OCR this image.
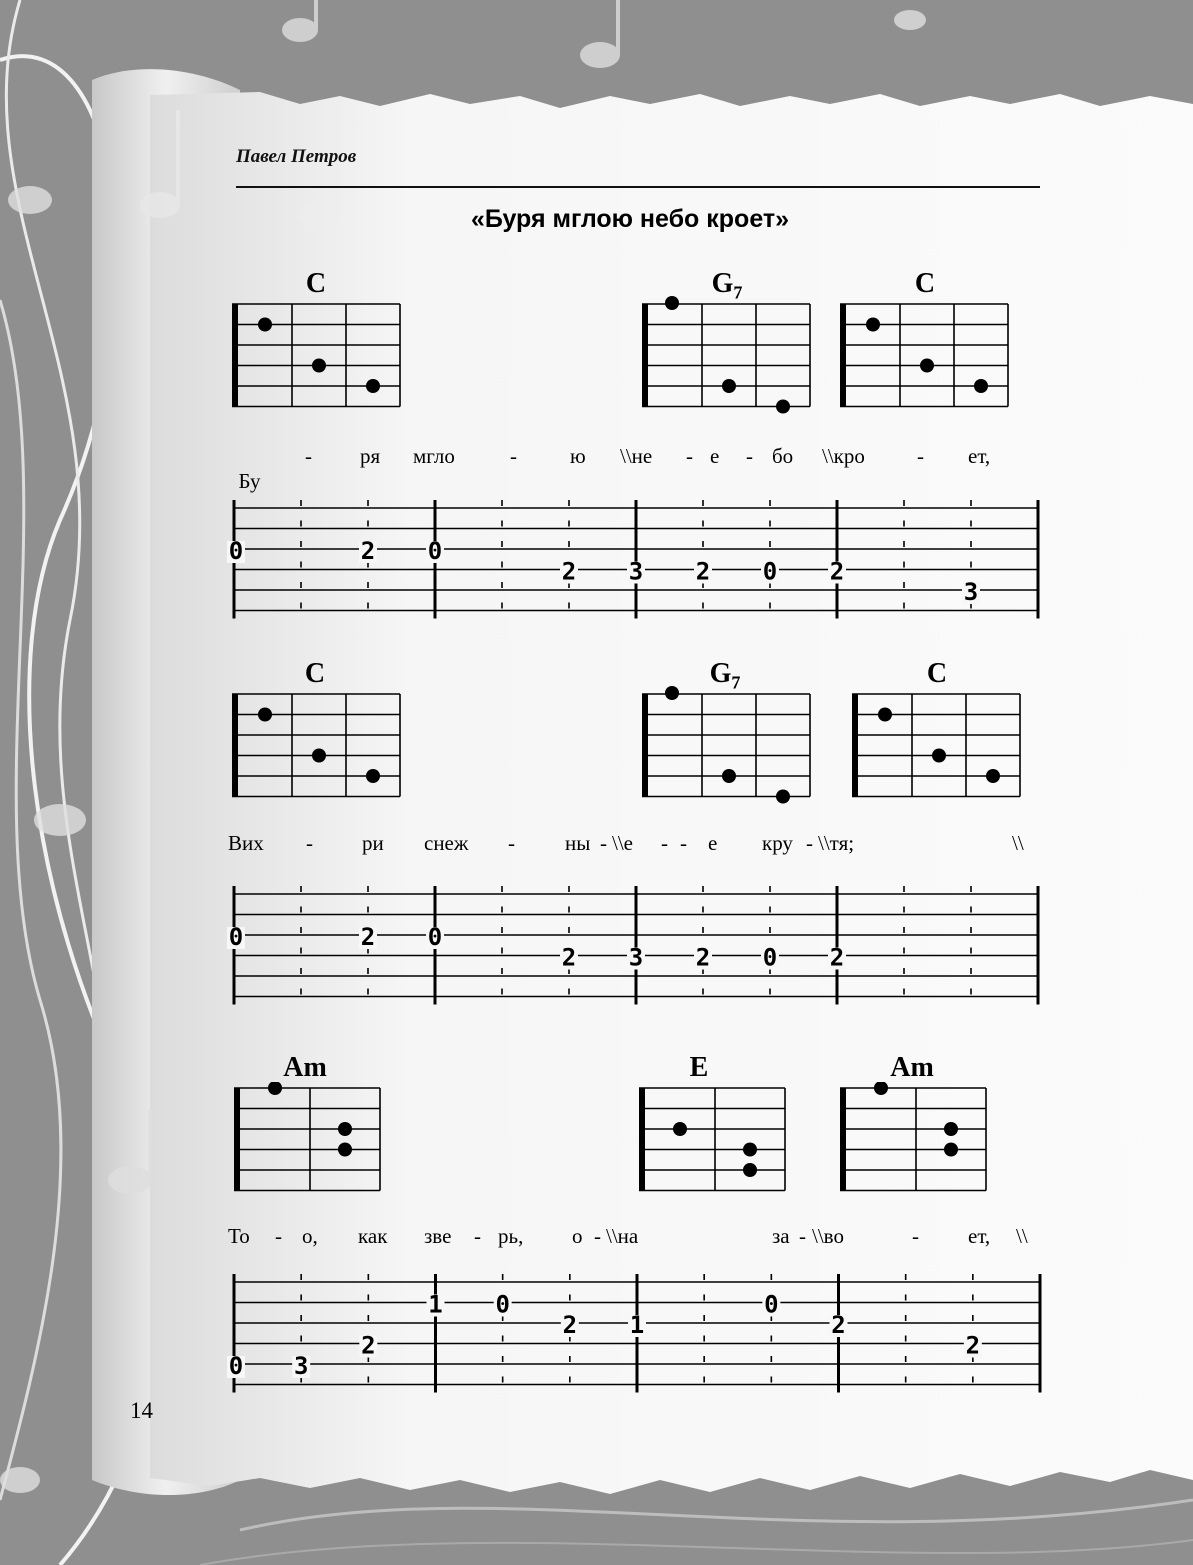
Павел Петров
«Буря мглою небо кроет»
C	$G_7$	C

Бу

- ря мгло	-	ю \\не - е - бо \\кро - ет,
0	2 0
2 3 2 0 2
3
C	$G_7$	C
Вих - ри снеж - ны - \\е - - е кру - \\тя;	\\
0	2 0
2 3 2 0 2
Am	E	Am
То - о, как зве - рь, о - \\на	за - \\во	- ет, \\
0 3
2
1 0
2 1
0
2
2
14
